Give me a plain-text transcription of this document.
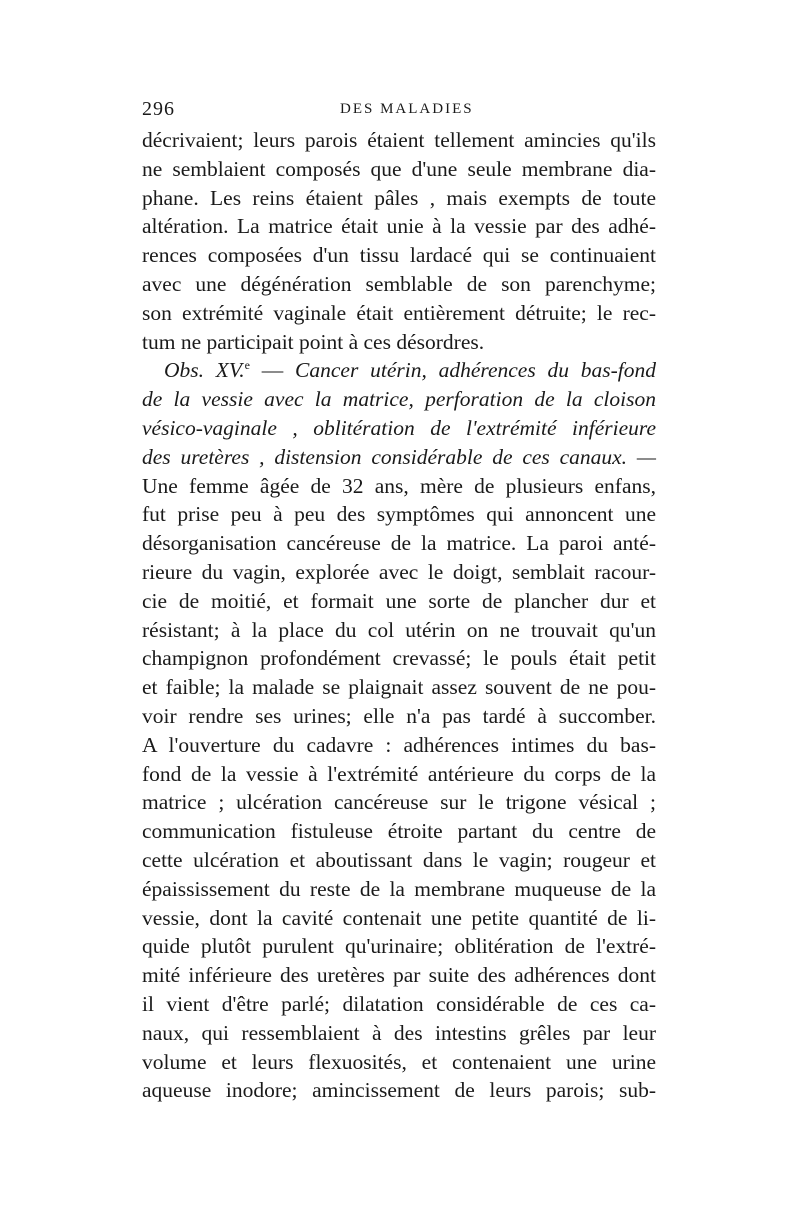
296	DES MALADIES
décrivaient; leurs parois étaient tellement amincies qu'ils
ne semblaient composés que d'une seule membrane dia-
phane. Les reins étaient pâles , mais exempts de toute
altération. La matrice était unie à la vessie par des adhé-
rences composées d'un tissu lardacé qui se continuaient
avec une dégénération semblable de son parenchyme;
son extrémité vaginale était entièrement détruite; le rec-
tum ne participait point à ces désordres.
Obs. XV.$^e$ — Cancer utérin, adhérences du bas-fond
de la vessie avec la matrice, perforation de la cloison
vésico-vaginale , oblitération de l'extrémité inférieure
des uretères , distension considérable de ces canaux. —
Une femme âgée de 32 ans, mère de plusieurs enfans,
fut prise peu à peu des symptômes qui annoncent une
désorganisation cancéreuse de la matrice. La paroi anté-
rieure du vagin, explorée avec le doigt, semblait racour-
cie de moitié, et formait une sorte de plancher dur et
résistant; à la place du col utérin on ne trouvait qu'un
champignon profondément crevassé; le pouls était petit
et faible; la malade se plaignait assez souvent de ne pou-
voir rendre ses urines; elle n'a pas tardé à succomber.
A l'ouverture du cadavre : adhérences intimes du bas-
fond de la vessie à l'extrémité antérieure du corps de la
matrice ; ulcération cancéreuse sur le trigone vésical ;
communication fistuleuse étroite partant du centre de
cette ulcération et aboutissant dans le vagin; rougeur et
épaississement du reste de la membrane muqueuse de la
vessie, dont la cavité contenait une petite quantité de li-
quide plutôt purulent qu'urinaire; oblitération de l'extré-
mité inférieure des uretères par suite des adhérences dont
il vient d'être parlé; dilatation considérable de ces ca-
naux, qui ressemblaient à des intestins grêles par leur
volume et leurs flexuosités, et contenaient une urine
aqueuse inodore; amincissement de leurs parois; sub-
